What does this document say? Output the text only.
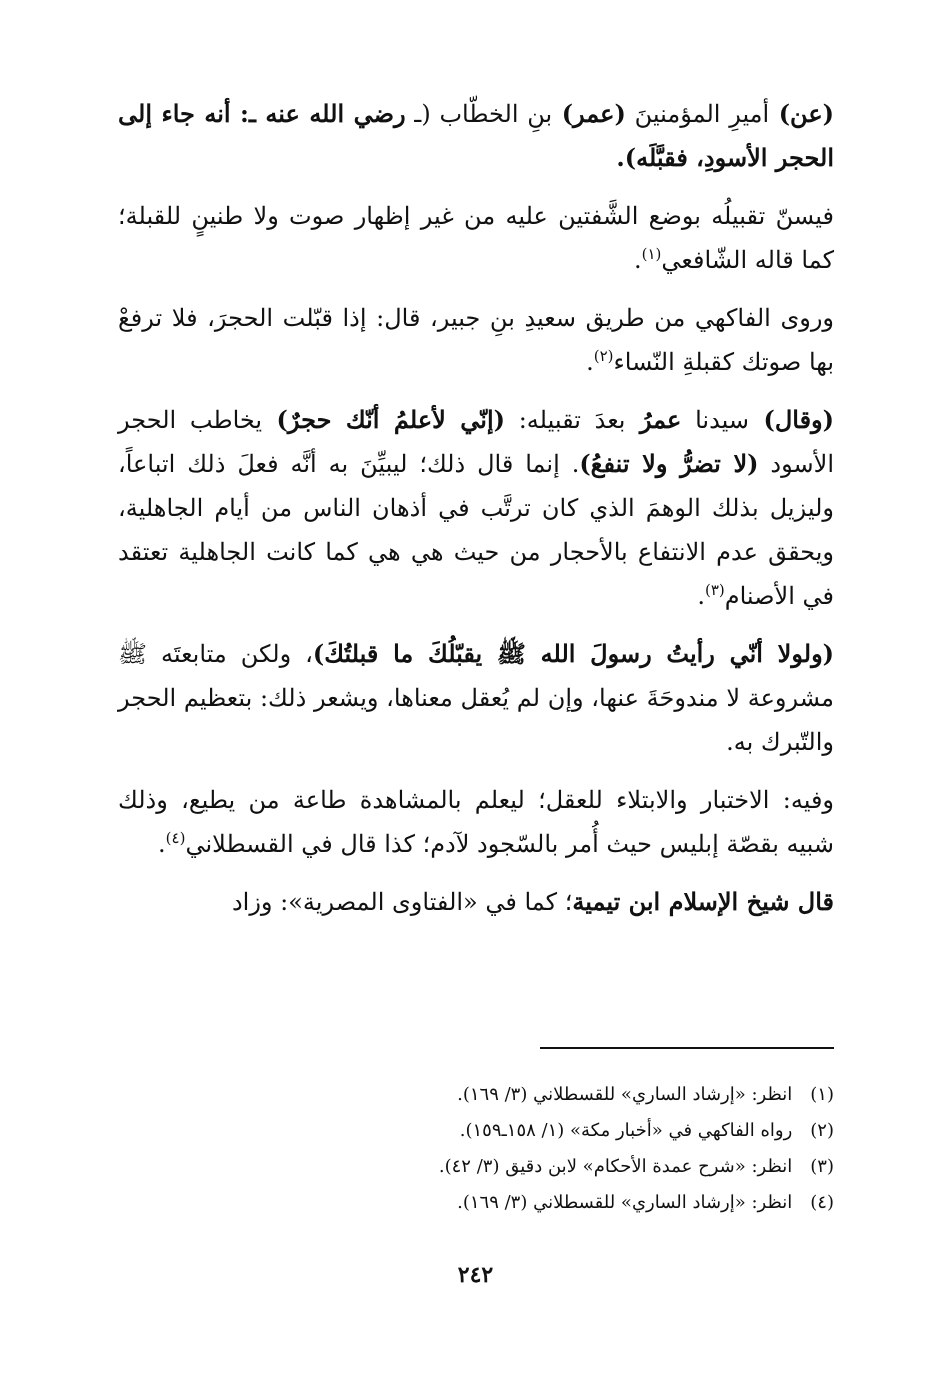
(عن) أميرِ المؤمنينَ (عمر) بنِ الخطّاب (ـ رضي الله عنه ـ: أنه جاء إلى الحجر الأسودِ، فقبَّلَه).

فيسنّ تقبيلُه بوضع الشَّفتين عليه من غير إظهار صوت ولا طنينٍ للقبلة؛ كما قاله الشّافعي$^{(١)}$.

وروى الفاكهي من طريق سعيدِ بنِ جبير، قال: إذا قبّلت الحجرَ، فلا ترفعْ بها صوتك كقبلةِ النّساء$^{(٢)}$.

(وقال) سيدنا عمرُ بعدَ تقبيله: (إنّي لأعلمُ أنّك حجرٌ) يخاطب الحجر الأسود (لا تضرُّ ولا تنفعُ). إنما قال ذلك؛ ليبيِّنَ به أنَّه فعلَ ذلك اتباعاً، وليزيل بذلك الوهمَ الذي كان ترتَّب في أذهان الناس من أيام الجاهلية، ويحقق عدم الانتفاع بالأحجار من حيث هي هي كما كانت الجاهلية تعتقد في الأصنام$^{(٣)}$.

(ولولا أنّي رأيتُ رسولَ الله ﷺ يقبّلُكَ ما قبلتُكَ)، ولكن متابعتَه ﷺ مشروعة لا مندوحَةَ عنها، وإن لم يُعقل معناها، ويشعر ذلك: بتعظيم الحجر والتّبرك به.

وفيه: الاختبار والابتلاء للعقل؛ ليعلم بالمشاهدة طاعة من يطيع، وذلك شبيه بقصّة إبليس حيث أُمر بالسّجود لآدم؛ كذا قال في القسطلاني$^{(٤)}$.

قال شيخ الإسلام ابن تيمية؛ كما في «الفتاوى المصرية»: وزاد

(١)انظر: «إرشاد الساري» للقسطلاني (٣/ ١٦٩).
(٢)رواه الفاكهي في «أخبار مكة» (١/ ١٥٨ـ١٥٩).
(٣)انظر: «شرح عمدة الأحكام» لابن دقيق (٣/ ٤٢).
(٤)انظر: «إرشاد الساري» للقسطلاني (٣/ ١٦٩).
٢٤٢
